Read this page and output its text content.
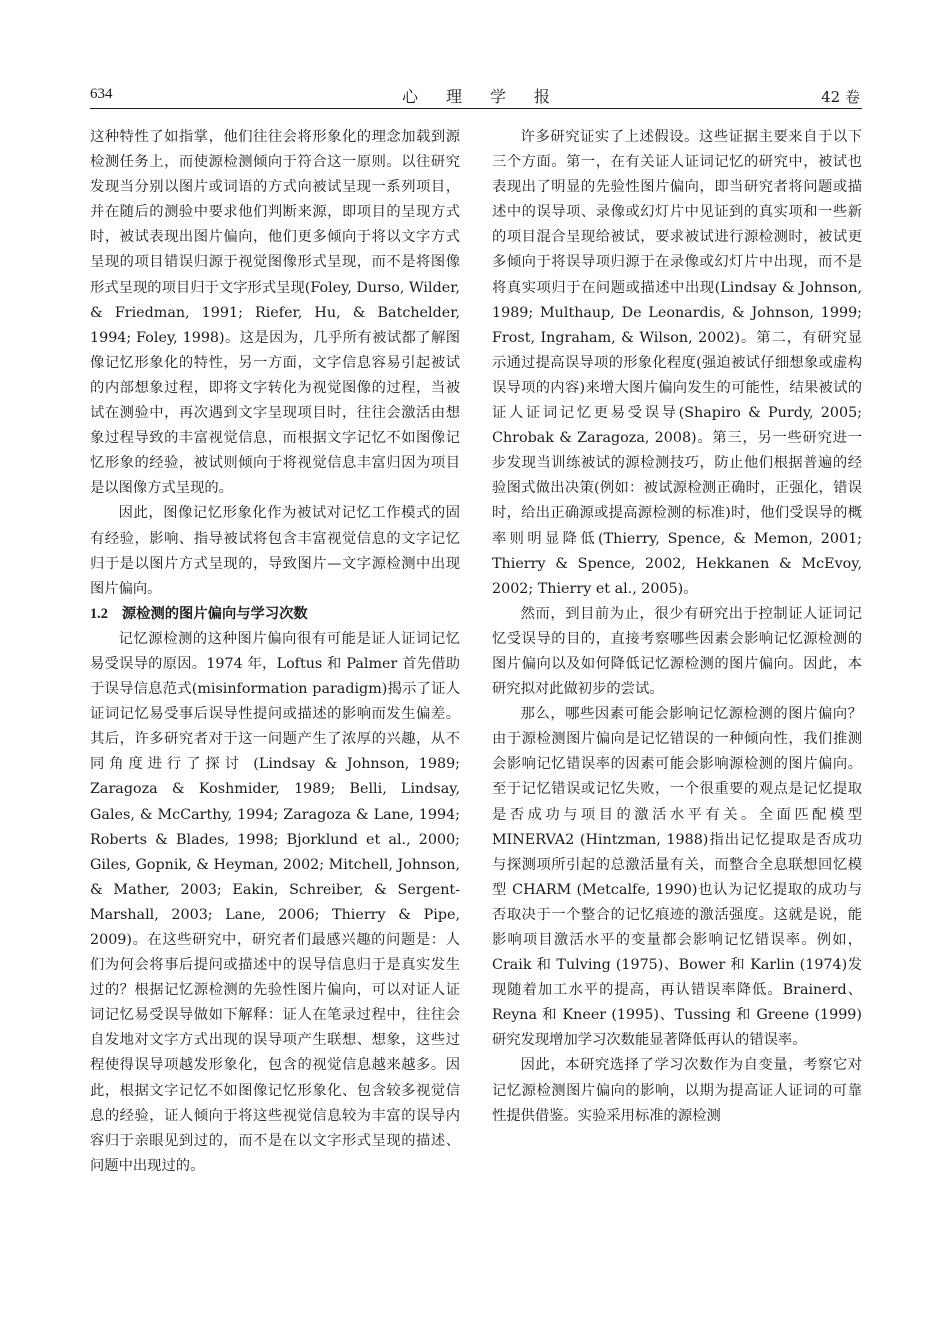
634	心理学报	42 卷

这种特性了如指掌，他们往往会将形象化的理念加载到源检测任务上，而使源检测倾向于符合这一原则。以往研究发现当分别以图片或词语的方式向被试呈现一系列项目，并在随后的测验中要求他们判断来源，即项目的呈现方式时，被试表现出图片偏向，他们更多倾向于将以文字方式呈现的项目错误归源于视觉图像形式呈现，而不是将图像形式呈现的项目归于文字形式呈现(Foley, Durso, Wilder, & Friedman, 1991; Riefer, Hu, & Batchelder, 1994; Foley, 1998)。这是因为，几乎所有被试都了解图像记忆形象化的特性，另一方面，文字信息容易引起被试的内部想象过程，即将文字转化为视觉图像的过程，当被试在测验中，再次遇到文字呈现项目时，往往会激活由想象过程导致的丰富视觉信息，而根据文字记忆不如图像记忆形象的经验，被试则倾向于将视觉信息丰富归因为项目是以图像方式呈现的。

因此，图像记忆形象化作为被试对记忆工作模式的固有经验，影响、指导被试将包含丰富视觉信息的文字记忆归于是以图片方式呈现的，导致图片—文字源检测中出现图片偏向。

1.2 源检测的图片偏向与学习次数

记忆源检测的这种图片偏向很有可能是证人证词记忆易受误导的原因。1974 年，Loftus 和 Palmer 首先借助于误导信息范式(misinformation paradigm)揭示了证人证词记忆易受事后误导性提问或描述的影响而发生偏差。其后，许多研究者对于这一问题产生了浓厚的兴趣，从不同角度进行了探讨 (Lindsay & Johnson, 1989; Zaragoza & Koshmider, 1989; Belli, Lindsay, Gales, & McCarthy, 1994; Zaragoza & Lane, 1994; Roberts & Blades, 1998; Bjorklund et al., 2000; Giles, Gopnik, & Heyman, 2002; Mitchell, Johnson, & Mather, 2003; Eakin, Schreiber, & Sergent-Marshall, 2003; Lane, 2006; Thierry & Pipe, 2009)。在这些研究中，研究者们最感兴趣的问题是：人们为何会将事后提问或描述中的误导信息归于是真实发生过的？根据记忆源检测的先验性图片偏向，可以对证人证词记忆易受误导做如下解释：证人在笔录过程中，往往会自发地对文字方式出现的误导项产生联想、想象，这些过程使得误导项越发形象化，包含的视觉信息越来越多。因此，根据文字记忆不如图像记忆形象化、包含较多视觉信息的经验，证人倾向于将这些视觉信息较为丰富的误导内容归于亲眼见到过的，而不是在以文字形式呈现的描述、问题中出现过的。

许多研究证实了上述假设。这些证据主要来自于以下三个方面。第一，在有关证人证词记忆的研究中，被试也表现出了明显的先验性图片偏向，即当研究者将问题或描述中的误导项、录像或幻灯片中见证到的真实项和一些新的项目混合呈现给被试，要求被试进行源检测时，被试更多倾向于将误导项归源于在录像或幻灯片中出现，而不是将真实项归于在问题或描述中出现(Lindsay & Johnson, 1989; Multhaup, De Leonardis, & Johnson, 1999; Frost, Ingraham, & Wilson, 2002)。第二，有研究显示通过提高误导项的形象化程度(强迫被试仔细想象或虚构误导项的内容)来增大图片偏向发生的可能性，结果被试的证人证词记忆更易受误导(Shapiro & Purdy, 2005; Chrobak & Zaragoza, 2008)。第三，另一些研究进一步发现当训练被试的源检测技巧，防止他们根据普遍的经验图式做出决策(例如：被试源检测正确时，正强化，错误时，给出正确源或提高源检测的标准)时，他们受误导的概率则明显降低(Thierry, Spence, & Memon, 2001; Thierry & Spence, 2002, Hekkanen & McEvoy, 2002; Thierry et al., 2005)。

然而，到目前为止，很少有研究出于控制证人证词记忆受误导的目的，直接考察哪些因素会影响记忆源检测的图片偏向以及如何降低记忆源检测的图片偏向。因此，本研究拟对此做初步的尝试。

那么，哪些因素可能会影响记忆源检测的图片偏向？由于源检测图片偏向是记忆错误的一种倾向性，我们推测会影响记忆错误率的因素可能会影响源检测的图片偏向。至于记忆错误或记忆失败，一个很重要的观点是记忆提取是否成功与项目的激活水平有关。全面匹配模型 MINERVA2 (Hintzman, 1988)指出记忆提取是否成功与探测项所引起的总激活量有关，而整合全息联想回忆模型 CHARM (Metcalfe, 1990)也认为记忆提取的成功与否取决于一个整合的记忆痕迹的激活强度。这就是说，能影响项目激活水平的变量都会影响记忆错误率。例如，Craik 和 Tulving (1975)、Bower 和 Karlin (1974)发现随着加工水平的提高，再认错误率降低。Brainerd、Reyna 和 Kneer (1995)、Tussing 和 Greene (1999) 研究发现增加学习次数能显著降低再认的错误率。

因此，本研究选择了学习次数作为自变量，考察它对记忆源检测图片偏向的影响，以期为提高证人证词的可靠性提供借鉴。实验采用标准的源检测
